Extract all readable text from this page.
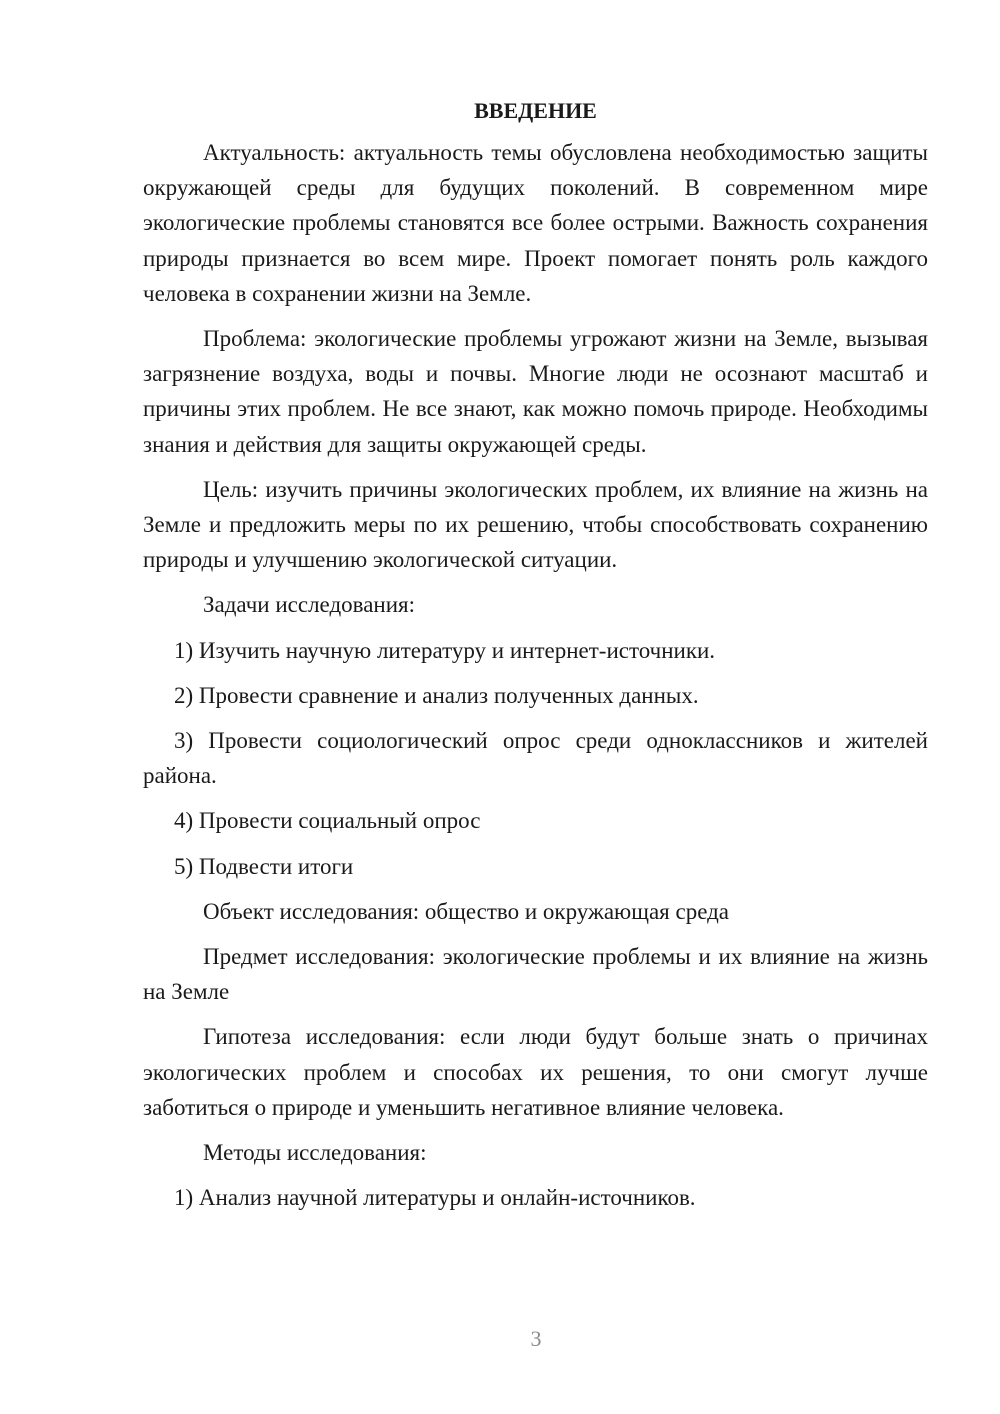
ВВЕДЕНИЕ

Актуальность: актуальность темы обусловлена необходимостью защиты окружающей среды для будущих поколений. В современном мире экологические проблемы становятся все более острыми. Важность сохранения природы признается во всем мире. Проект помогает понять роль каждого человека в сохранении жизни на Земле.

Проблема: экологические проблемы угрожают жизни на Земле, вызывая загрязнение воздуха, воды и почвы. Многие люди не осознают масштаб и причины этих проблем. Не все знают, как можно помочь природе. Необходимы знания и действия для защиты окружающей среды.

Цель: изучить причины экологических проблем, их влияние на жизнь на Земле и предложить меры по их решению, чтобы способствовать сохранению природы и улучшению экологической ситуации.

Задачи исследования:

1) Изучить научную литературу и интернет-источники.

2) Провести сравнение и анализ полученных данных.

3) Провести социологический опрос среди одноклассников и жителей района.

4) Провести социальный опрос

5) Подвести итоги

Объект исследования: общество и окружающая среда

Предмет исследования: экологические проблемы и их влияние на жизнь на Земле

Гипотеза исследования: если люди будут больше знать о причинах экологических проблем и способах их решения, то они смогут лучше заботиться о природе и уменьшить негативное влияние человека.

Методы исследования:

1) Анализ научной литературы и онлайн-источников.

3
